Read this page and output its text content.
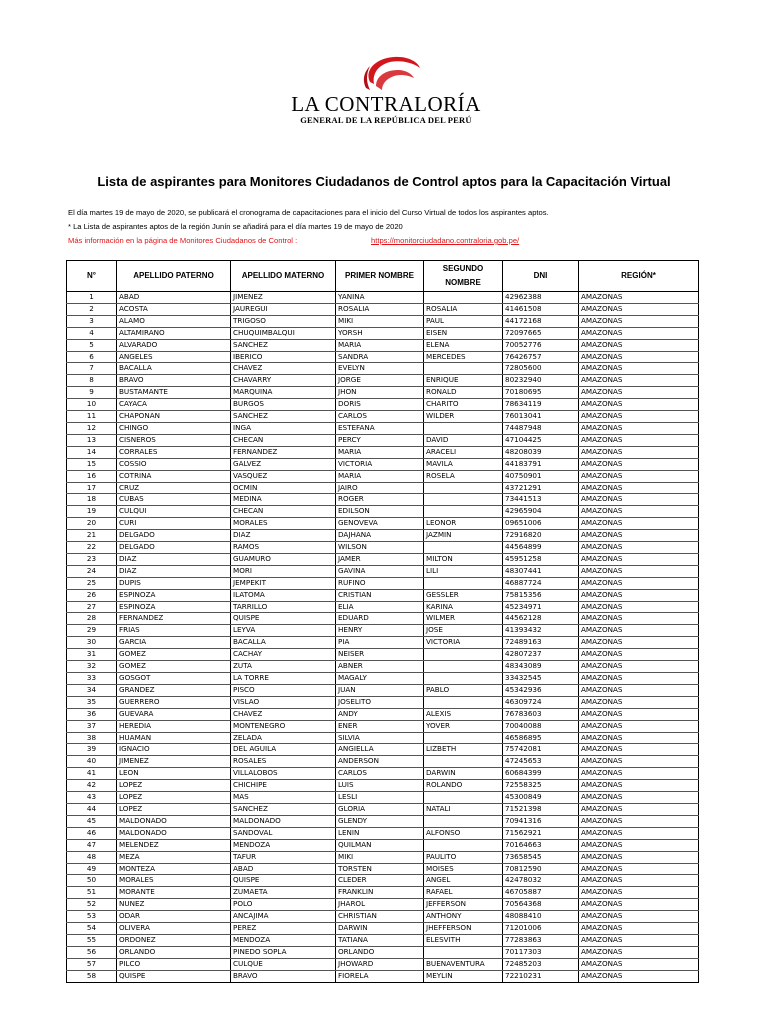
LA CONTRALORÍA
GENERAL DE LA REPÚBLICA DEL PERÚ
Lista de aspirantes para Monitores Ciudadanos de Control aptos para la Capacitación Virtual
El día martes 19 de mayo de 2020, se publicará el cronograma de capacitaciones para el inicio del Curso Virtual de todos los aspirantes aptos.
* La Lista de aspirantes aptos de la región Junín se añadirá para el día martes 19 de mayo de 2020
Más información en la página de Monitores Ciudadanos de Control :	https://monitorciudadano.contraloria.gob.pe/
N°	APELLIDO PATERNO	APELLIDO MATERNO	PRIMER NOMBRE	SEGUNDO NOMBRE	DNI	REGIÓN*
1	ABAD	JIMENEZ	YANINA		42962388	AMAZONAS
2	ACOSTA	JAUREGUI	ROSALIA	ROSALIA	41461508	AMAZONAS
3	ALAMO	TRIGOSO	MIKI	PAUL	44172168	AMAZONAS
4	ALTAMIRANO	CHUQUIMBALQUI	YORSH	EISEN	72097665	AMAZONAS
5	ALVARADO	SANCHEZ	MARIA	ELENA	70052776	AMAZONAS
6	ANGELES	IBERICO	SANDRA	MERCEDES	76426757	AMAZONAS
7	BACALLA	CHAVEZ	EVELYN		72805600	AMAZONAS
8	BRAVO	CHAVARRY	JORGE	ENRIQUE	80232940	AMAZONAS
9	BUSTAMANTE	MARQUINA	JHON	RONALD	70180695	AMAZONAS
10	CAYACA	BURGOS	DORIS	CHARITO	78634119	AMAZONAS
11	CHAPONAN	SANCHEZ	CARLOS	WILDER	76013041	AMAZONAS
12	CHINGO	INGA	ESTEFANA		74487948	AMAZONAS
13	CISNEROS	CHECAN	PERCY	DAVID	47104425	AMAZONAS
14	CORRALES	FERNANDEZ	MARIA	ARACELI	48208039	AMAZONAS
15	COSSIO	GALVEZ	VICTORIA	MAVILA	44183791	AMAZONAS
16	COTRINA	VASQUEZ	MARIA	ROSELA	40750901	AMAZONAS
17	CRUZ	OCMIN	JAIRO		43721291	AMAZONAS
18	CUBAS	MEDINA	ROGER		73441513	AMAZONAS
19	CULQUI	CHECAN	EDILSON		42965904	AMAZONAS
20	CURI	MORALES	GENOVEVA	LEONOR	09651006	AMAZONAS
21	DELGADO	DIAZ	DAJHANA	JAZMIN	72916820	AMAZONAS
22	DELGADO	RAMOS	WILSON		44564899	AMAZONAS
23	DIAZ	GUAMURO	JAMER	MILTON	45951258	AMAZONAS
24	DIAZ	MORI	GAVINA	LILI	48307441	AMAZONAS
25	DUPIS	JEMPEKIT	RUFINO		46887724	AMAZONAS
26	ESPINOZA	ILATOMA	CRISTIAN	GESSLER	75815356	AMAZONAS
27	ESPINOZA	TARRILLO	ELIA	KARINA	45234971	AMAZONAS
28	FERNANDEZ	QUISPE	EDUARD	WILMER	44562128	AMAZONAS
29	FRIAS	LEYVA	HENRY	JOSE	41393432	AMAZONAS
30	GARCIA	BACALLA	PIA	VICTORIA	72489163	AMAZONAS
31	GOMEZ	CACHAY	NEISER		42807237	AMAZONAS
32	GOMEZ	ZUTA	ABNER		48343089	AMAZONAS
33	GOSGOT	LA TORRE	MAGALY		33432545	AMAZONAS
34	GRANDEZ	PISCO	JUAN	PABLO	45342936	AMAZONAS
35	GUERRERO	VISLAO	JOSELITO		46309724	AMAZONAS
36	GUEVARA	CHAVEZ	ANDY	ALEXIS	76783603	AMAZONAS
37	HEREDIA	MONTENEGRO	ENER	YOVER	70040088	AMAZONAS
38	HUAMAN	ZELADA	SILVIA		46586895	AMAZONAS
39	IGNACIO	DEL AGUILA	ANGIELLA	LIZBETH	75742081	AMAZONAS
40	JIMENEZ	ROSALES	ANDERSON		47245653	AMAZONAS
41	LEON	VILLALOBOS	CARLOS	DARWIN	60684399	AMAZONAS
42	LOPEZ	CHICHIPE	LUIS	ROLANDO	72558325	AMAZONAS
43	LOPEZ	MAS	LESLI		45300849	AMAZONAS
44	LOPEZ	SANCHEZ	GLORIA	NATALI	71521398	AMAZONAS
45	MALDONADO	MALDONADO	GLENDY		70941316	AMAZONAS
46	MALDONADO	SANDOVAL	LENIN	ALFONSO	71562921	AMAZONAS
47	MELENDEZ	MENDOZA	QUILMAN		70164663	AMAZONAS
48	MEZA	TAFUR	MIKI	PAULITO	73658545	AMAZONAS
49	MONTEZA	ABAD	TORSTEN	MOISES	70812590	AMAZONAS
50	MORALES	QUISPE	CLEDER	ANGEL	42478032	AMAZONAS
51	MORANTE	ZUMAETA	FRANKLIN	RAFAEL	46705887	AMAZONAS
52	NUNEZ	POLO	JHAROL	JEFFERSON	70564368	AMAZONAS
53	ODAR	ANCAJIMA	CHRISTIAN	ANTHONY	48088410	AMAZONAS
54	OLIVERA	PEREZ	DARWIN	JHEFFERSON	71201006	AMAZONAS
55	ORDONEZ	MENDOZA	TATIANA	ELESVITH	77283863	AMAZONAS
56	ORLANDO	PINEDO SOPLA	ORLANDO		70117303	AMAZONAS
57	PILCO	CULQUE	JHOWARD	BUENAVENTURA	72485203	AMAZONAS
58	QUISPE	BRAVO	FIORELA	MEYLIN	72210231	AMAZONAS
